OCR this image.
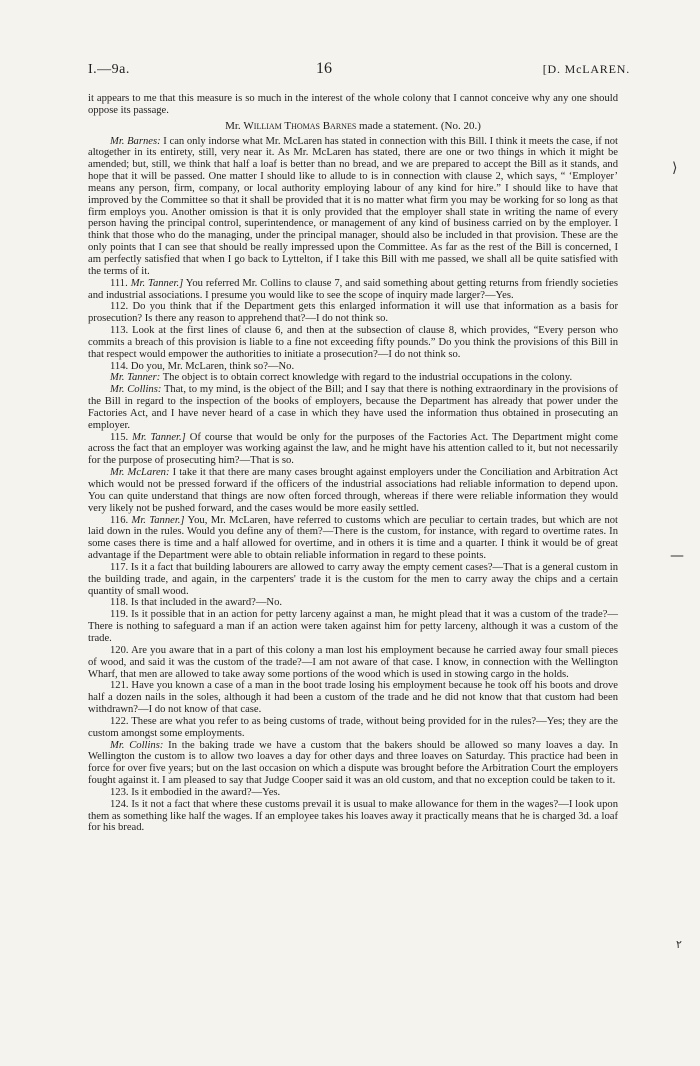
I.—9a.	16	[D. McLAREN.

it appears to me that this measure is so much in the interest of the whole colony that I cannot conceive why any one should oppose its passage.

Mr. William Thomas Barnes made a statement. (No. 20.)

Mr. Barnes: I can only indorse what Mr. McLaren has stated in connection with this Bill. I think it meets the case, if not altogether in its entirety, still, very near it. As Mr. McLaren has stated, there are one or two things in which it might be amended; but, still, we think that half a loaf is better than no bread, and we are prepared to accept the Bill as it stands, and hope that it will be passed. One matter I should like to allude to is in connection with clause 2, which says, “ ‘Employer’ means any person, firm, company, or local authority employing labour of any kind for hire.” I should like to have that improved by the Committee so that it shall be provided that it is no matter what firm you may be working for so long as that firm employs you. Another omission is that it is only provided that the employer shall state in writing the name of every person having the principal control, superintendence, or management of any kind of business carried on by the employer. I think that those who do the managing, under the principal manager, should also be included in that provision. These are the only points that I can see that should be really impressed upon the Committee. As far as the rest of the Bill is concerned, I am perfectly satisfied that when I go back to Lyttelton, if I take this Bill with me passed, we shall all be quite satisfied with the terms of it.

111. Mr. Tanner.] You referred Mr. Collins to clause 7, and said something about getting returns from friendly societies and industrial associations. I presume you would like to see the scope of inquiry made larger?—Yes.

112. Do you think that if the Department gets this enlarged information it will use that information as a basis for prosecution? Is there any reason to apprehend that?—I do not think so.

113. Look at the first lines of clause 6, and then at the subsection of clause 8, which provides, “Every person who commits a breach of this provision is liable to a fine not exceeding fifty pounds.” Do you think the provisions of this Bill in that respect would empower the authorities to initiate a prosecution?—I do not think so.

114. Do you, Mr. McLaren, think so?—No.

Mr. Tanner: The object is to obtain correct knowledge with regard to the industrial occupations in the colony.

Mr. Collins: That, to my mind, is the object of the Bill; and I say that there is nothing extraordinary in the provisions of the Bill in regard to the inspection of the books of employers, because the Department has already that power under the Factories Act, and I have never heard of a case in which they have used the information thus obtained in prosecuting an employer.

115. Mr. Tanner.] Of course that would be only for the purposes of the Factories Act. The Department might come across the fact that an employer was working against the law, and he might have his attention called to it, but not necessarily for the purpose of prosecuting him?—That is so.

Mr. McLaren: I take it that there are many cases brought against employers under the Conciliation and Arbitration Act which would not be pressed forward if the officers of the industrial associations had reliable information to depend upon. You can quite understand that things are now often forced through, whereas if there were reliable information they would very likely not be pushed forward, and the cases would be more easily settled.

116. Mr. Tanner.] You, Mr. McLaren, have referred to customs which are peculiar to certain trades, but which are not laid down in the rules. Would you define any of them?—There is the custom, for instance, with regard to overtime rates. In some cases there is time and a half allowed for overtime, and in others it is time and a quarter. I think it would be of great advantage if the Department were able to obtain reliable information in regard to these points.

117. Is it a fact that building labourers are allowed to carry away the empty cement cases?—That is a general custom in the building trade, and again, in the carpenters' trade it is the custom for the men to carry away the chips and a certain quantity of small wood.

118. Is that included in the award?—No.

119. Is it possible that in an action for petty larceny against a man, he might plead that it was a custom of the trade?—There is nothing to safeguard a man if an action were taken against him for petty larceny, although it was a custom of the trade.

120. Are you aware that in a part of this colony a man lost his employment because he carried away four small pieces of wood, and said it was the custom of the trade?—I am not aware of that case. I know, in connection with the Wellington Wharf, that men are allowed to take away some portions of the wood which is used in stowing cargo in the holds.

121. Have you known a case of a man in the boot trade losing his employment because he took off his boots and drove half a dozen nails in the soles, although it had been a custom of the trade and he did not know that that custom had been withdrawn?—I do not know of that case.

122. These are what you refer to as being customs of trade, without being provided for in the rules?—Yes; they are the custom amongst some employments.

Mr. Collins: In the baking trade we have a custom that the bakers should be allowed so many loaves a day. In Wellington the custom is to allow two loaves a day for other days and three loaves on Saturday. This practice had been in force for over five years; but on the last occasion on which a dispute was brought before the Arbitration Court the employers fought against it. I am pleased to say that Judge Cooper said it was an old custom, and that no exception could be taken to it.

123. Is it embodied in the award?—Yes.

124. Is it not a fact that where these customs prevail it is usual to make allowance for them in the wages?—I look upon them as something like half the wages. If an employee takes his loaves away it practically means that he is charged 3d. a loaf for his bread.

⟩
—
٢
